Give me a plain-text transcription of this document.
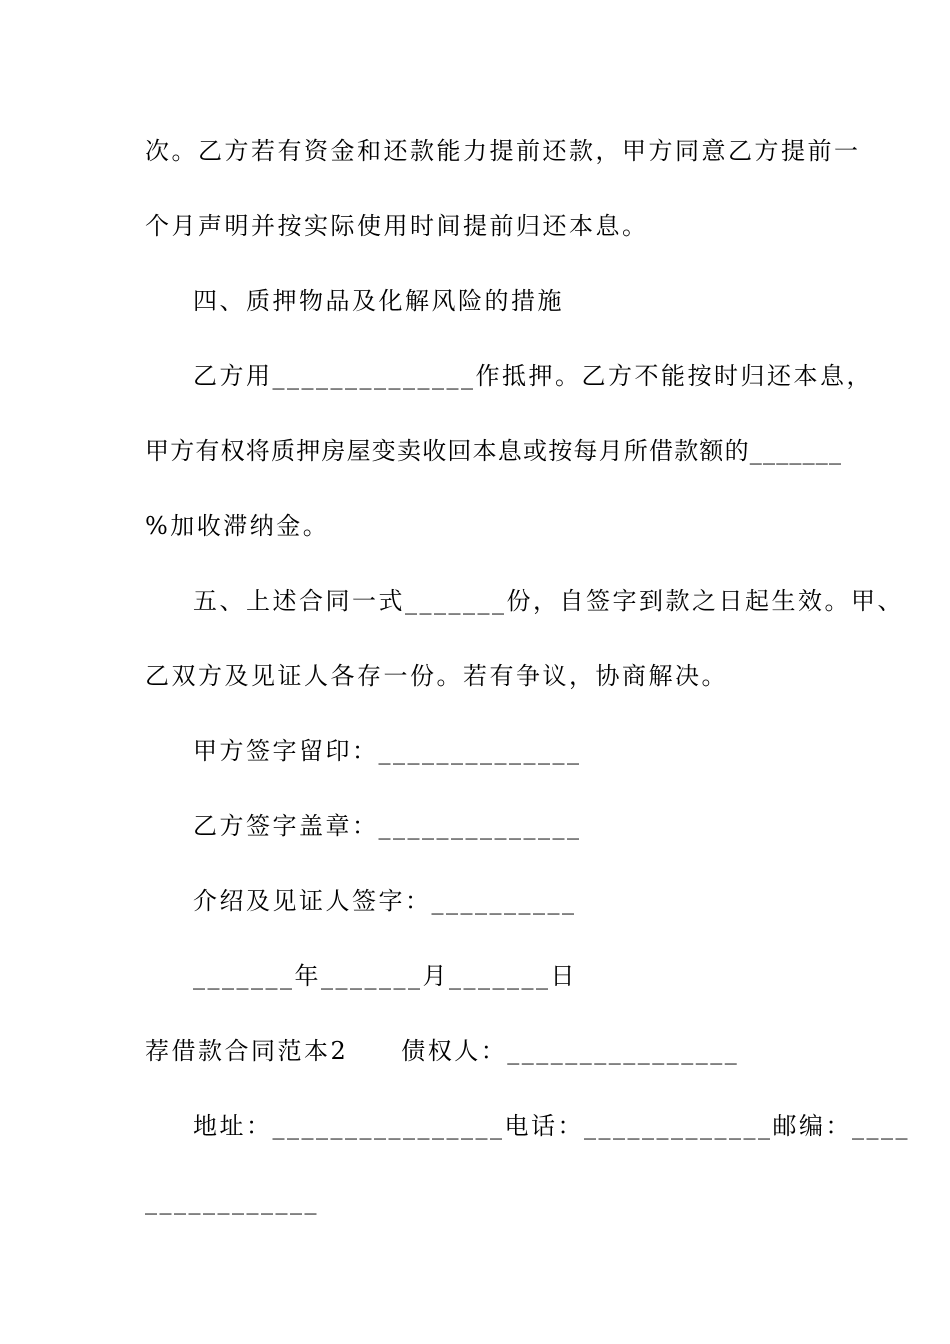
次。乙方若有资金和还款能力提前还款，甲方同意乙方提前一
个月声明并按实际使用时间提前归还本息。
四、质押物品及化解风险的措施
乙方用______________作抵押。乙方不能按时归还本息，
甲方有权将质押房屋变卖收回本息或按每月所借款额的_______
%加收滞纳金。
五、上述合同一式_______份，自签字到款之日起生效。甲、
乙双方及见证人各存一份。若有争议，协商解决。
甲方签字留印：______________
乙方签字盖章：______________
介绍及见证人签字：__________
_______年_______月_______日
荐借款合同范本2　　债权人：________________
地址：________________电话：_____________邮编：____
____________
